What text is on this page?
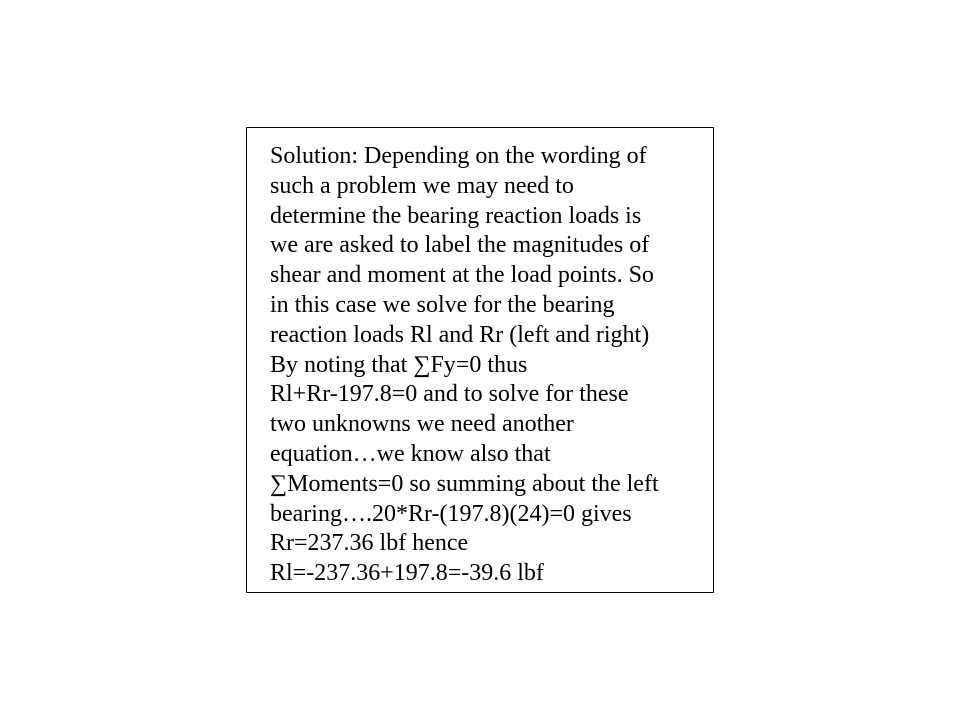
Solution: Depending on the wording of
such a problem we may need to
determine the bearing reaction loads is
we are asked to label the magnitudes of
shear and moment at the load points. So
in this case we solve for the bearing
reaction loads Rl and Rr (left and right)
By noting that ∑Fy=0 thus
Rl+Rr-197.8=0 and to solve for these
two unknowns we need another
equation…we know also that
∑Moments=0 so summing about the left
bearing….20*Rr-(197.8)(24)=0 gives
Rr=237.36 lbf hence
Rl=-237.36+197.8=-39.6 lbf
